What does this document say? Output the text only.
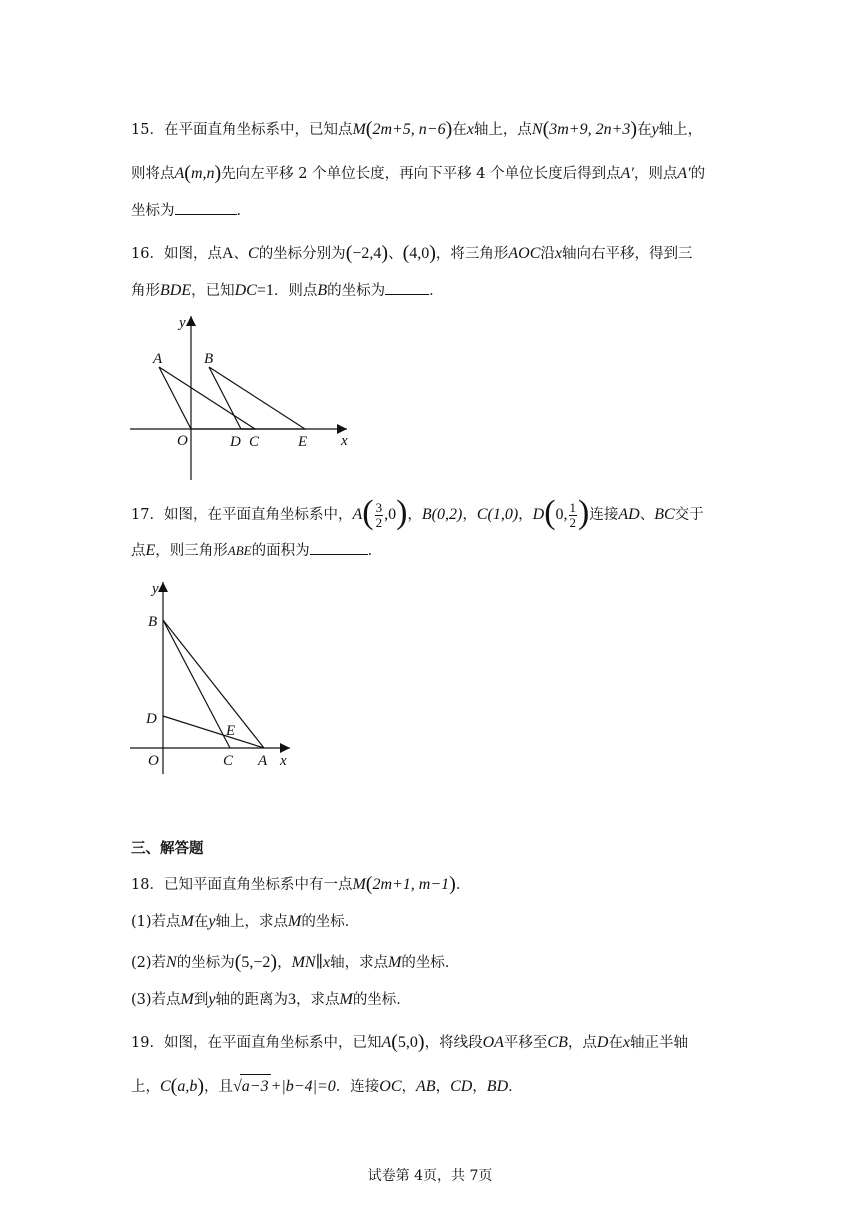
15．在平面直角坐标系中，已知点M(2m+5, n−6)在x轴上，点N(3m+9, 2n+3)在y轴上，
则将点A(m,n)先向左平移 2 个单位长度，再向下平移 4 个单位长度后得到点A′，则点A′的
坐标为	．
16．如图，点A、C的坐标分别为(−2,4)、(4,0)，将三角形AOC沿x轴向右平移，得到三
角形BDE，已知DC=1．则点B的坐标为	．
y
A	B
O	D C	E x
17．如图，在平面直角坐标系中，$A( \frac{3}{2} ,0)$，B(0,2)，C(1,0)，D(0, $\frac{1}{2}$ )连接AD、BC交于
点E，则三角形ABE的面积为	．
y
B
D
E
O	C A x
三、解答题
18．已知平面直角坐标系中有一点M(2m+1, m−1)．
(1)若点M在y轴上，求点M的坐标．
(2)若N的坐标为(5,−2)，MN∥x轴，求点M的坐标．
(3)若点M到y轴的距离为3，求点M的坐标．
19．如图，在平面直角坐标系中，已知A(5,0)，将线段OA平移至CB，点D在x轴正半轴
上，C(a,b)，且√a−3 +|b−4|=0．连接OC，AB，CD，BD．
试卷第 4页，共 7页
